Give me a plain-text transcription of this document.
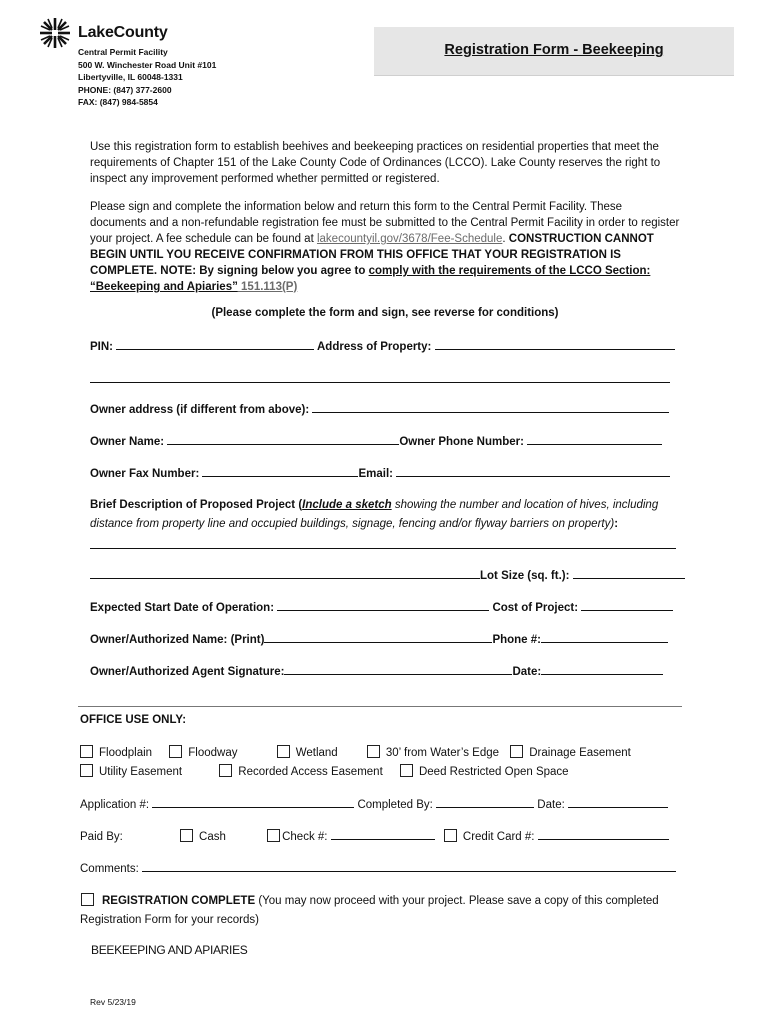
LakeCounty
Central Permit Facility
500 W. Winchester Road Unit #101
Libertyville, IL 60048-1331
PHONE: (847) 377-2600
FAX: (847) 984-5854
Registration Form - Beekeeping
Use this registration form to establish beehives and beekeeping practices on residential properties that meet the requirements of Chapter 151 of the Lake County Code of Ordinances (LCCO). Lake County reserves the right to inspect any improvement performed whether permitted or registered.
Please sign and complete the information below and return this form to the Central Permit Facility. These documents and a non-refundable registration fee must be submitted to the Central Permit Facility in order to register your project. A fee schedule can be found at lakecountyil.gov/3678/Fee-Schedule. CONSTRUCTION CANNOT BEGIN UNTIL YOU RECEIVE CONFIRMATION FROM THIS OFFICE THAT YOUR REGISTRATION IS COMPLETE. NOTE: By signing below you agree to comply with the requirements of the LCCO Section: “Beekeeping and Apiaries” 151.113(P)
(Please complete the form and sign, see reverse for conditions)
PIN:	Address of Property:
Owner address (if different from above):
Owner Name:	Owner Phone Number:
Owner Fax Number:	Email:
Brief Description of Proposed Project (Include a sketch showing the number and location of hives, including distance from property line and occupied buildings, signage, fencing and/or flyway barriers on property):
Lot Size (sq. ft.):
Expected Start Date of Operation:	Cost of Project:
Owner/Authorized Name: (Print)	Phone #:
Owner/Authorized Agent Signature:	Date:
OFFICE USE ONLY:
Floodplain	Floodway	Wetland	30’ from Water’s Edge	Drainage Easement
Utility Easement	Recorded Access Easement	Deed Restricted Open Space
Application #:	Completed By:	Date:
Paid By:	Cash	Check #:	Credit Card #:
Comments:
REGISTRATION COMPLETE (You may now proceed with your project. Please save a copy of this completed Registration Form for your records)
BEEKEEPING AND APIARIES
Rev 5/23/19
